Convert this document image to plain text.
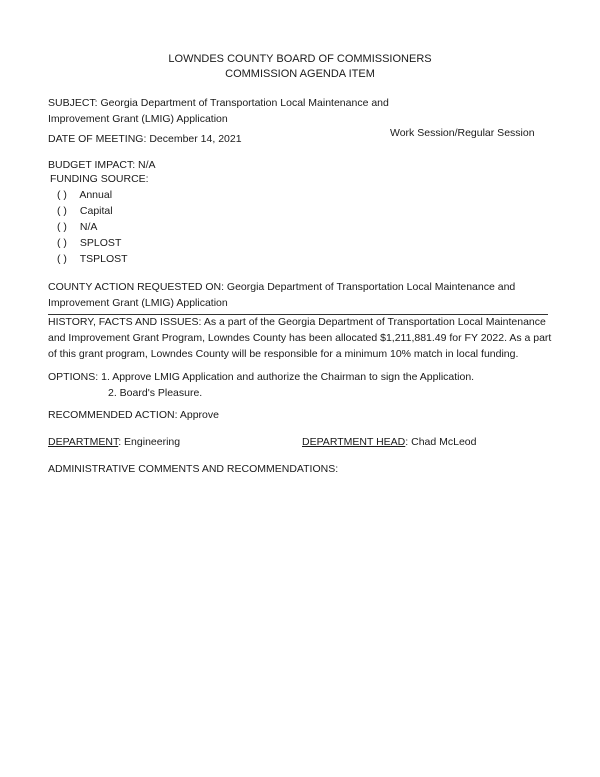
LOWNDES COUNTY BOARD OF COMMISSIONERS
COMMISSION AGENDA ITEM
SUBJECT: Georgia Department of Transportation Local Maintenance and Improvement Grant (LMIG) Application
DATE OF MEETING: December 14, 2021	Work Session/Regular Session
BUDGET IMPACT: N/A
FUNDING SOURCE:
( ) Annual
( ) Capital
( ) N/A
( ) SPLOST
( ) TSPLOST
COUNTY ACTION REQUESTED ON: Georgia Department of Transportation Local Maintenance and Improvement Grant (LMIG) Application
HISTORY, FACTS AND ISSUES: As a part of the Georgia Department of Transportation Local Maintenance and Improvement Grant Program, Lowndes County has been allocated $1,211,881.49 for FY 2022. As a part of this grant program, Lowndes County will be responsible for a minimum 10% match in local funding.
OPTIONS: 1. Approve LMIG Application and authorize the Chairman to sign the Application.
2. Board's Pleasure.
RECOMMENDED ACTION: Approve
DEPARTMENT: Engineering	DEPARTMENT HEAD: Chad McLeod
ADMINISTRATIVE COMMENTS AND RECOMMENDATIONS:
